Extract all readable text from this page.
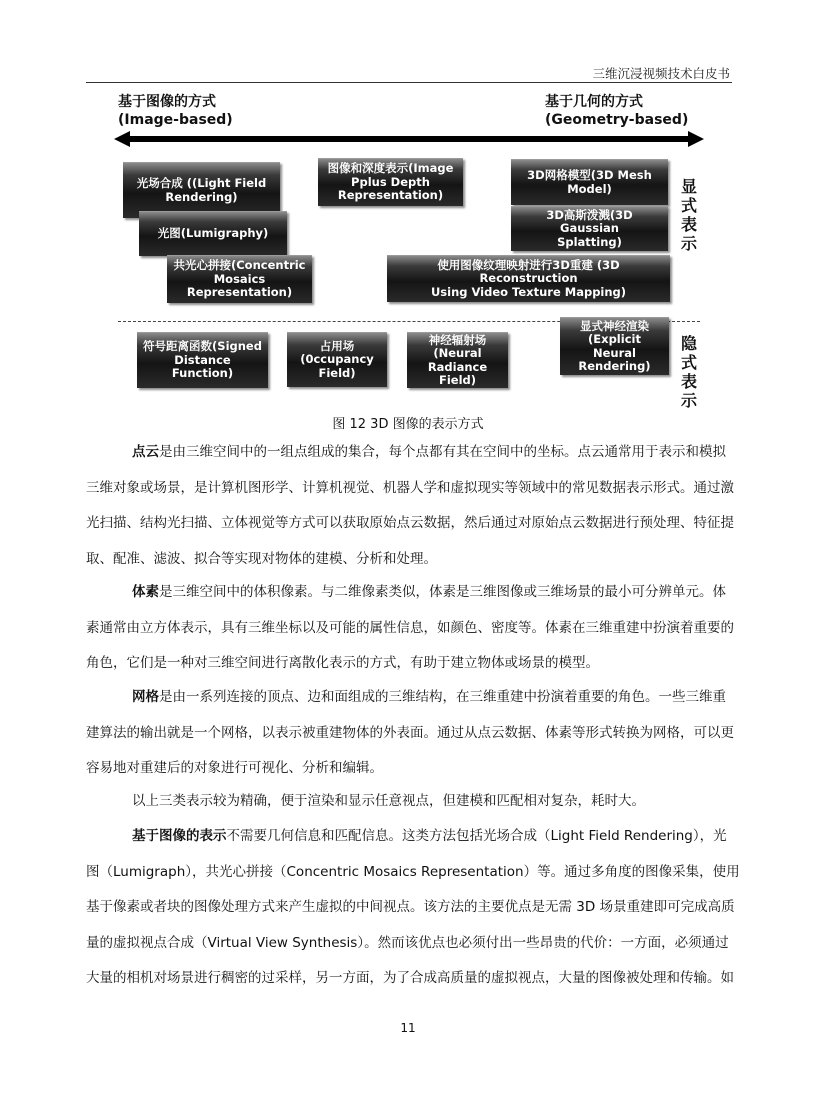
三维沉浸视频技术白皮书
基于图像的方式
(Image-based)
基于几何的方式
(Geometry-based)
显
式
表
示
隐
式
表
示
光场合成 ((Light Field
Rendering)
光图(Lumigraphy)
共光心拼接(Concentric
Mosaics Representation)
图像和深度表示(Image
Pplus Depth
Representation)
3D网格模型(3D Mesh
Model)
3D高斯泼溅(3D Gaussian
Splatting)
使用图像纹理映射进行3D重建 (3D Reconstruction
Using Video Texture Mapping)
符号距离函数(Signed
Distance Function)
占用场
(0ccupancy
Field)
神经辐射场
(Neural
Radiance Field)
显式神经渲染
(Explicit Neural
Rendering)
图 12 3D 图像的表示方式
点云是由三维空间中的一组点组成的集合，每个点都有其在空间中的坐标。点云通常用于表示和模拟
三维对象或场景，是计算机图形学、计算机视觉、机器人学和虚拟现实等领域中的常见数据表示形式。通过激
光扫描、结构光扫描、立体视觉等方式可以获取原始点云数据，然后通过对原始点云数据进行预处理、特征提
取、配准、滤波、拟合等实现对物体的建模、分析和处理。
体素是三维空间中的体积像素。与二维像素类似，体素是三维图像或三维场景的最小可分辨单元。体
素通常由立方体表示，具有三维坐标以及可能的属性信息，如颜色、密度等。体素在三维重建中扮演着重要的
角色，它们是一种对三维空间进行离散化表示的方式，有助于建立物体或场景的模型。
网格是由一系列连接的顶点、边和面组成的三维结构，在三维重建中扮演着重要的角色。一些三维重
建算法的输出就是一个网格，以表示被重建物体的外表面。通过从点云数据、体素等形式转换为网格，可以更
容易地对重建后的对象进行可视化、分析和编辑。
以上三类表示较为精确，便于渲染和显示任意视点，但建模和匹配相对复杂，耗时大。
基于图像的表示不需要几何信息和匹配信息。这类方法包括光场合成（Light Field Rendering），光
图（Lumigraph），共光心拼接（Concentric Mosaics Representation）等。通过多角度的图像采集，使用
基于像素或者块的图像处理方式来产生虚拟的中间视点。该方法的主要优点是无需 3D 场景重建即可完成高质
量的虚拟视点合成（Virtual View Synthesis）。然而该优点也必须付出一些昂贵的代价：一方面，必须通过
大量的相机对场景进行稠密的过采样，另一方面，为了合成高质量的虚拟视点，大量的图像被处理和传输。如
11
